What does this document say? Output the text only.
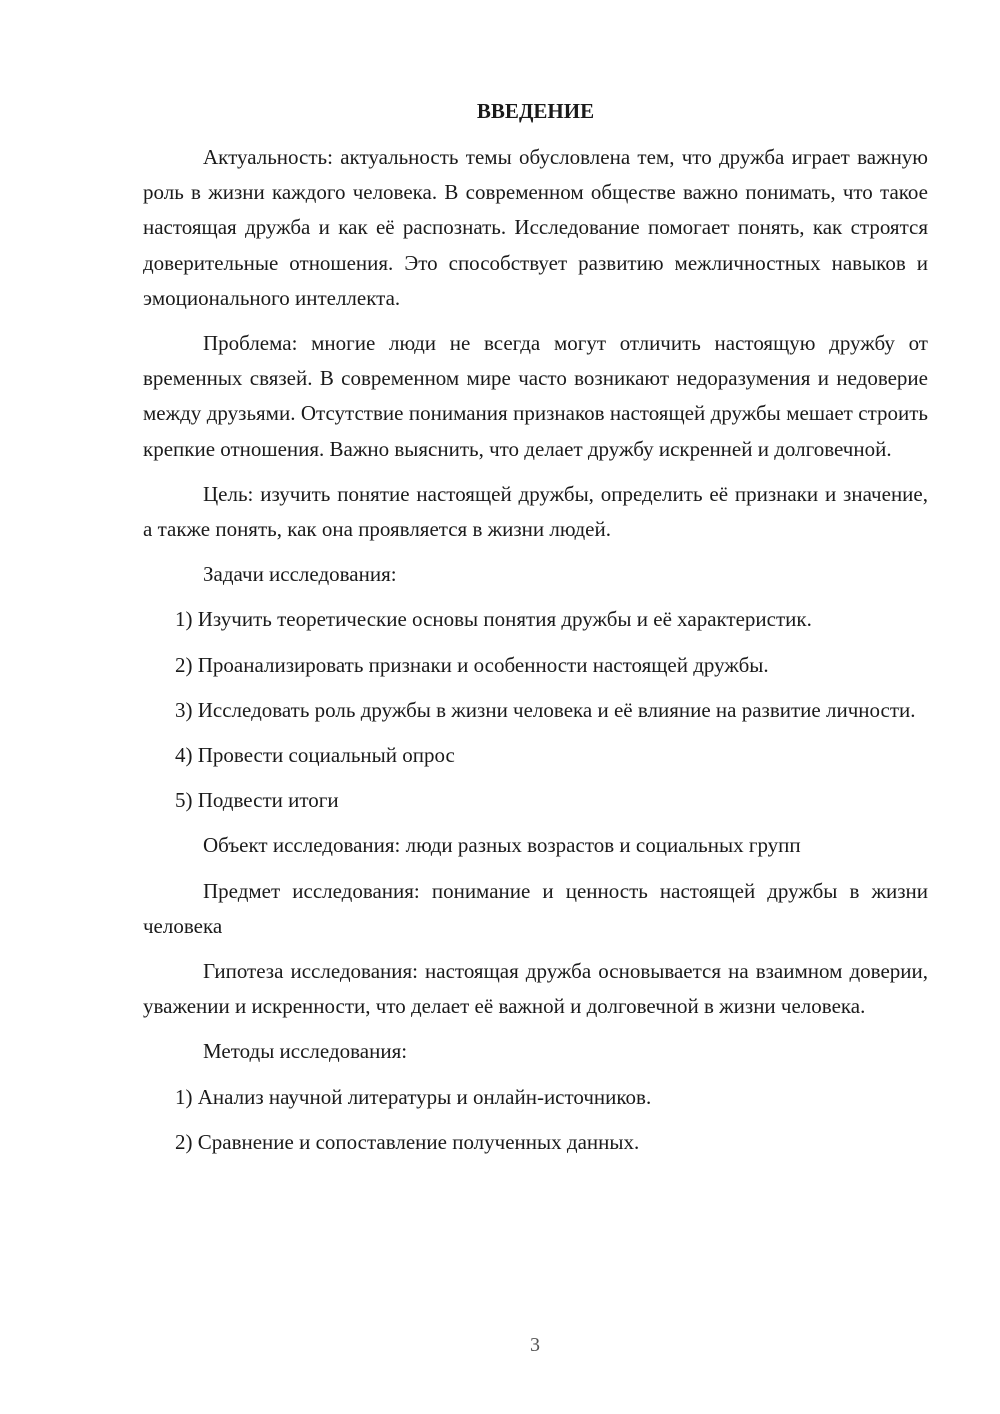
ВВЕДЕНИЕ

Актуальность: актуальность темы обусловлена тем, что дружба играет важную роль в жизни каждого человека. В современном обществе важно понимать, что такое настоящая дружба и как её распознать. Исследование помогает понять, как строятся доверительные отношения. Это способствует развитию межличностных навыков и эмоционального интеллекта.

Проблема: многие люди не всегда могут отличить настоящую дружбу от временных связей. В современном мире часто возникают недоразумения и недоверие между друзьями. Отсутствие понимания признаков настоящей дружбы мешает строить крепкие отношения. Важно выяснить, что делает дружбу искренней и долговечной.

Цель: изучить понятие настоящей дружбы, определить её признаки и значение, а также понять, как она проявляется в жизни людей.

Задачи исследования:

1) Изучить теоретические основы понятия дружбы и её характеристик.

2) Проанализировать признаки и особенности настоящей дружбы.

3) Исследовать роль дружбы в жизни человека и её влияние на развитие личности.

4) Провести социальный опрос

5) Подвести итоги

Объект исследования: люди разных возрастов и социальных групп

Предмет исследования: понимание и ценность настоящей дружбы в жизни человека

Гипотеза исследования: настоящая дружба основывается на взаимном доверии, уважении и искренности, что делает её важной и долговечной в жизни человека.

Методы исследования:

1) Анализ научной литературы и онлайн-источников.

2) Сравнение и сопоставление полученных данных.

3
